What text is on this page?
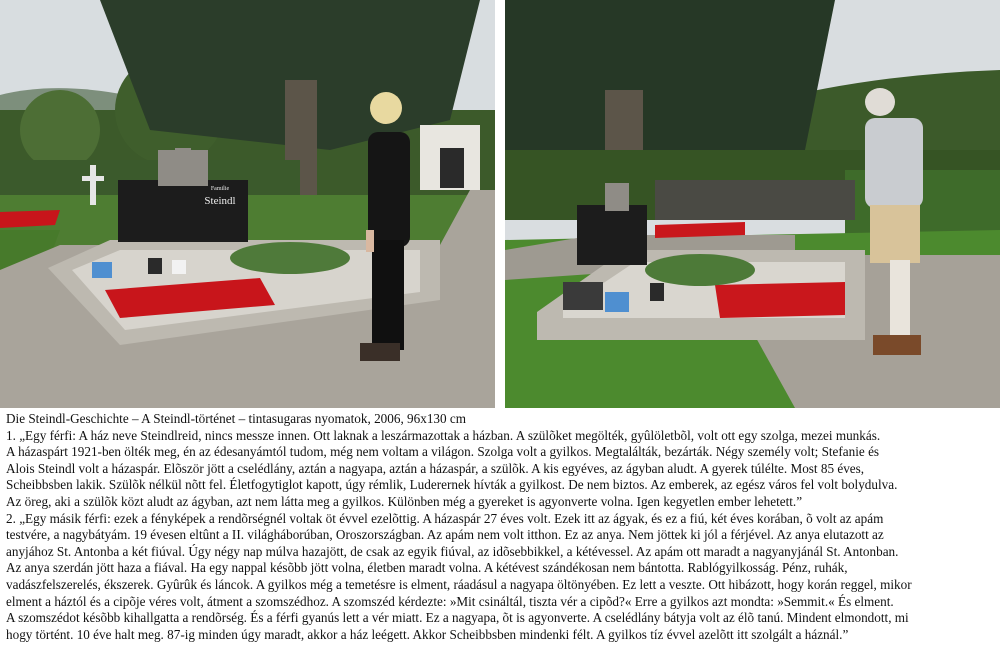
Familie
Steindl

Die Steindl-Geschichte – A Steindl-történet – tintasugaras nyomatok, 2006, 96x130 cm

1. „Egy férfi: A ház neve Steindlreid, nincs messze innen. Ott laknak a leszármazottak a házban. A szülõket megölték, gyûlöletbõl, volt ott egy szolga, mezei munkás.

A házaspárt 1921-ben ölték meg, én az édesanyámtól tudom, még nem voltam a világon. Szolga volt a gyilkos. Megtalálták, bezárták. Négy személy volt; Stefanie és

Alois Steindl volt a házaspár. Elõször jött a cselédlány, aztán a nagyapa, aztán a házaspár, a szülõk. A kis egyéves, az ágyban aludt. A gyerek túlélte. Most 85 éves,

Scheibbsben lakik. Szülõk nélkül nõtt fel. Életfogytiglot kapott, úgy rémlik, Luderernek hívták a gyilkost. De nem biztos. Az emberek, az egész város fel volt bolydulva.

Az öreg, aki a szülõk közt aludt az ágyban, azt nem látta meg a gyilkos. Különben még a gyereket is agyonverte volna. Igen kegyetlen ember lehetett.”

2. „Egy másik férfi: ezek a fényképek a rendõrségnél voltak öt évvel ezelõttig. A házaspár 27 éves volt. Ezek itt az ágyak, és ez a fiú, két éves korában, õ volt az apám

testvére, a nagybátyám. 19 évesen eltûnt a II. világháborúban, Oroszországban. Az apám nem volt itthon. Ez az anya. Nem jöttek ki jól a férjével. Az anya elutazott az

anyjához St. Antonba a két fiúval. Úgy négy nap múlva hazajött, de csak az egyik fiúval, az idõsebbikkel, a kétévessel. Az apám ott maradt a nagyanyjánál St. Antonban.

Az anya szerdán jött haza a fiával. Ha egy nappal késõbb jött volna, életben maradt volna. A kétévest szándékosan nem bántotta. Rablógyilkosság. Pénz, ruhák,

vadászfelszerelés, ékszerek. Gyûrûk és láncok. A gyilkos még a temetésre is elment, ráadásul a nagyapa öltönyében. Ez lett a veszte. Ott hibázott, hogy korán reggel, mikor

elment a háztól és a cipõje véres volt, átment a szomszédhoz. A szomszéd kérdezte: »Mit csináltál, tiszta vér a cipõd?« Erre a gyilkos azt mondta: »Semmit.« És elment.

A szomszédot késõbb kihallgatta a rendõrség. És a férfi gyanús lett a vér miatt. Ez a nagyapa, õt is agyonverte. A cselédlány bátyja volt az élõ tanú. Mindent elmondott, mi

hogy történt. 10 éve halt meg. 87-ig minden úgy maradt, akkor a ház leégett. Akkor Scheibbsben mindenki félt. A gyilkos tíz évvel azelõtt itt szolgált a háznál.”
